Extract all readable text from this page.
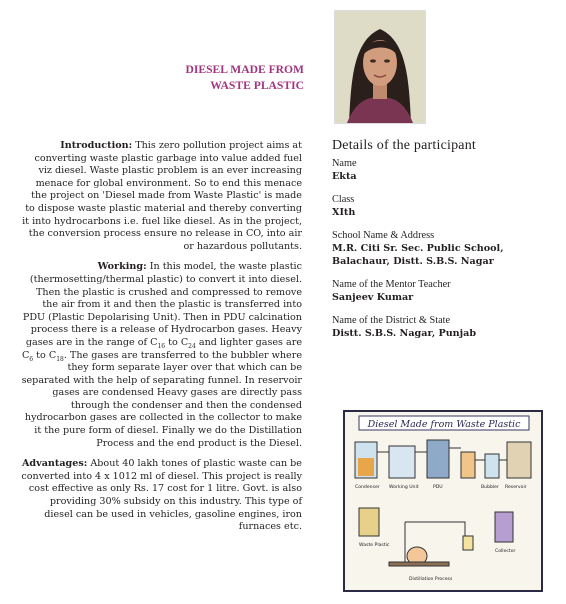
DIESEL MADE FROM WASTE PLASTIC

Introduction: This zero pollution project aims at converting waste plastic garbage into value added fuel viz diesel. Waste plastic problem is an ever increasing menace for global environment. So to end this menace the project on 'Diesel made from Waste Plastic' is made to dispose waste plastic material and thereby converting it into hydrocarbons i.e. fuel like diesel. As in the project, the conversion process ensure no release in CO, into air or hazardous pollutants.

Working: In this model, the waste plastic (thermosetting/thermal plastic) to convert it into diesel. Then the plastic is crushed and compressed to remove the air from it and then the plastic is transferred into PDU (Plastic Depolarising Unit). Then in PDU calcination process there is a release of Hydrocarbon gases. Heavy gases are in the range of $C_{16}$ to $C_{24}$ and lighter gases are $C_6$ to $C_{18}$. The gases are transferred to the bubbler where they form separate layer over that which can be separated with the help of separating funnel. In reservoir gases are condensed Heavy gases are directly pass through the condenser and then the condensed hydrocarbon gases are collected in the collector to make it the pure form of diesel. Finally we do the Distillation Process and the end product is the Diesel.

Advantages: About 40 lakh tones of plastic waste can be converted into 4 x 1012 ml of diesel. This project is really cost effective as only Rs. 17 cost for 1 litre. Govt. is also providing 30% subsidy on this industry. This type of diesel can be used in vehicles, gasoline engines, iron furnaces etc.

Details of the participant
Name
Ekta
Class
XIth
School Name & Address
M.R. Citi Sr. Sec. Public School, Balachaur, Distt. S.B.S. Nagar
Name of the Mentor Teacher
Sanjeev Kumar
Name of the District & State
Distt. S.B.S. Nagar, Punjab
Diesel Made from Waste Plastic
Condenser Working Unit	PDU	Bubbler Reservoir
Waste Plastic
Collector
Distillation Process
